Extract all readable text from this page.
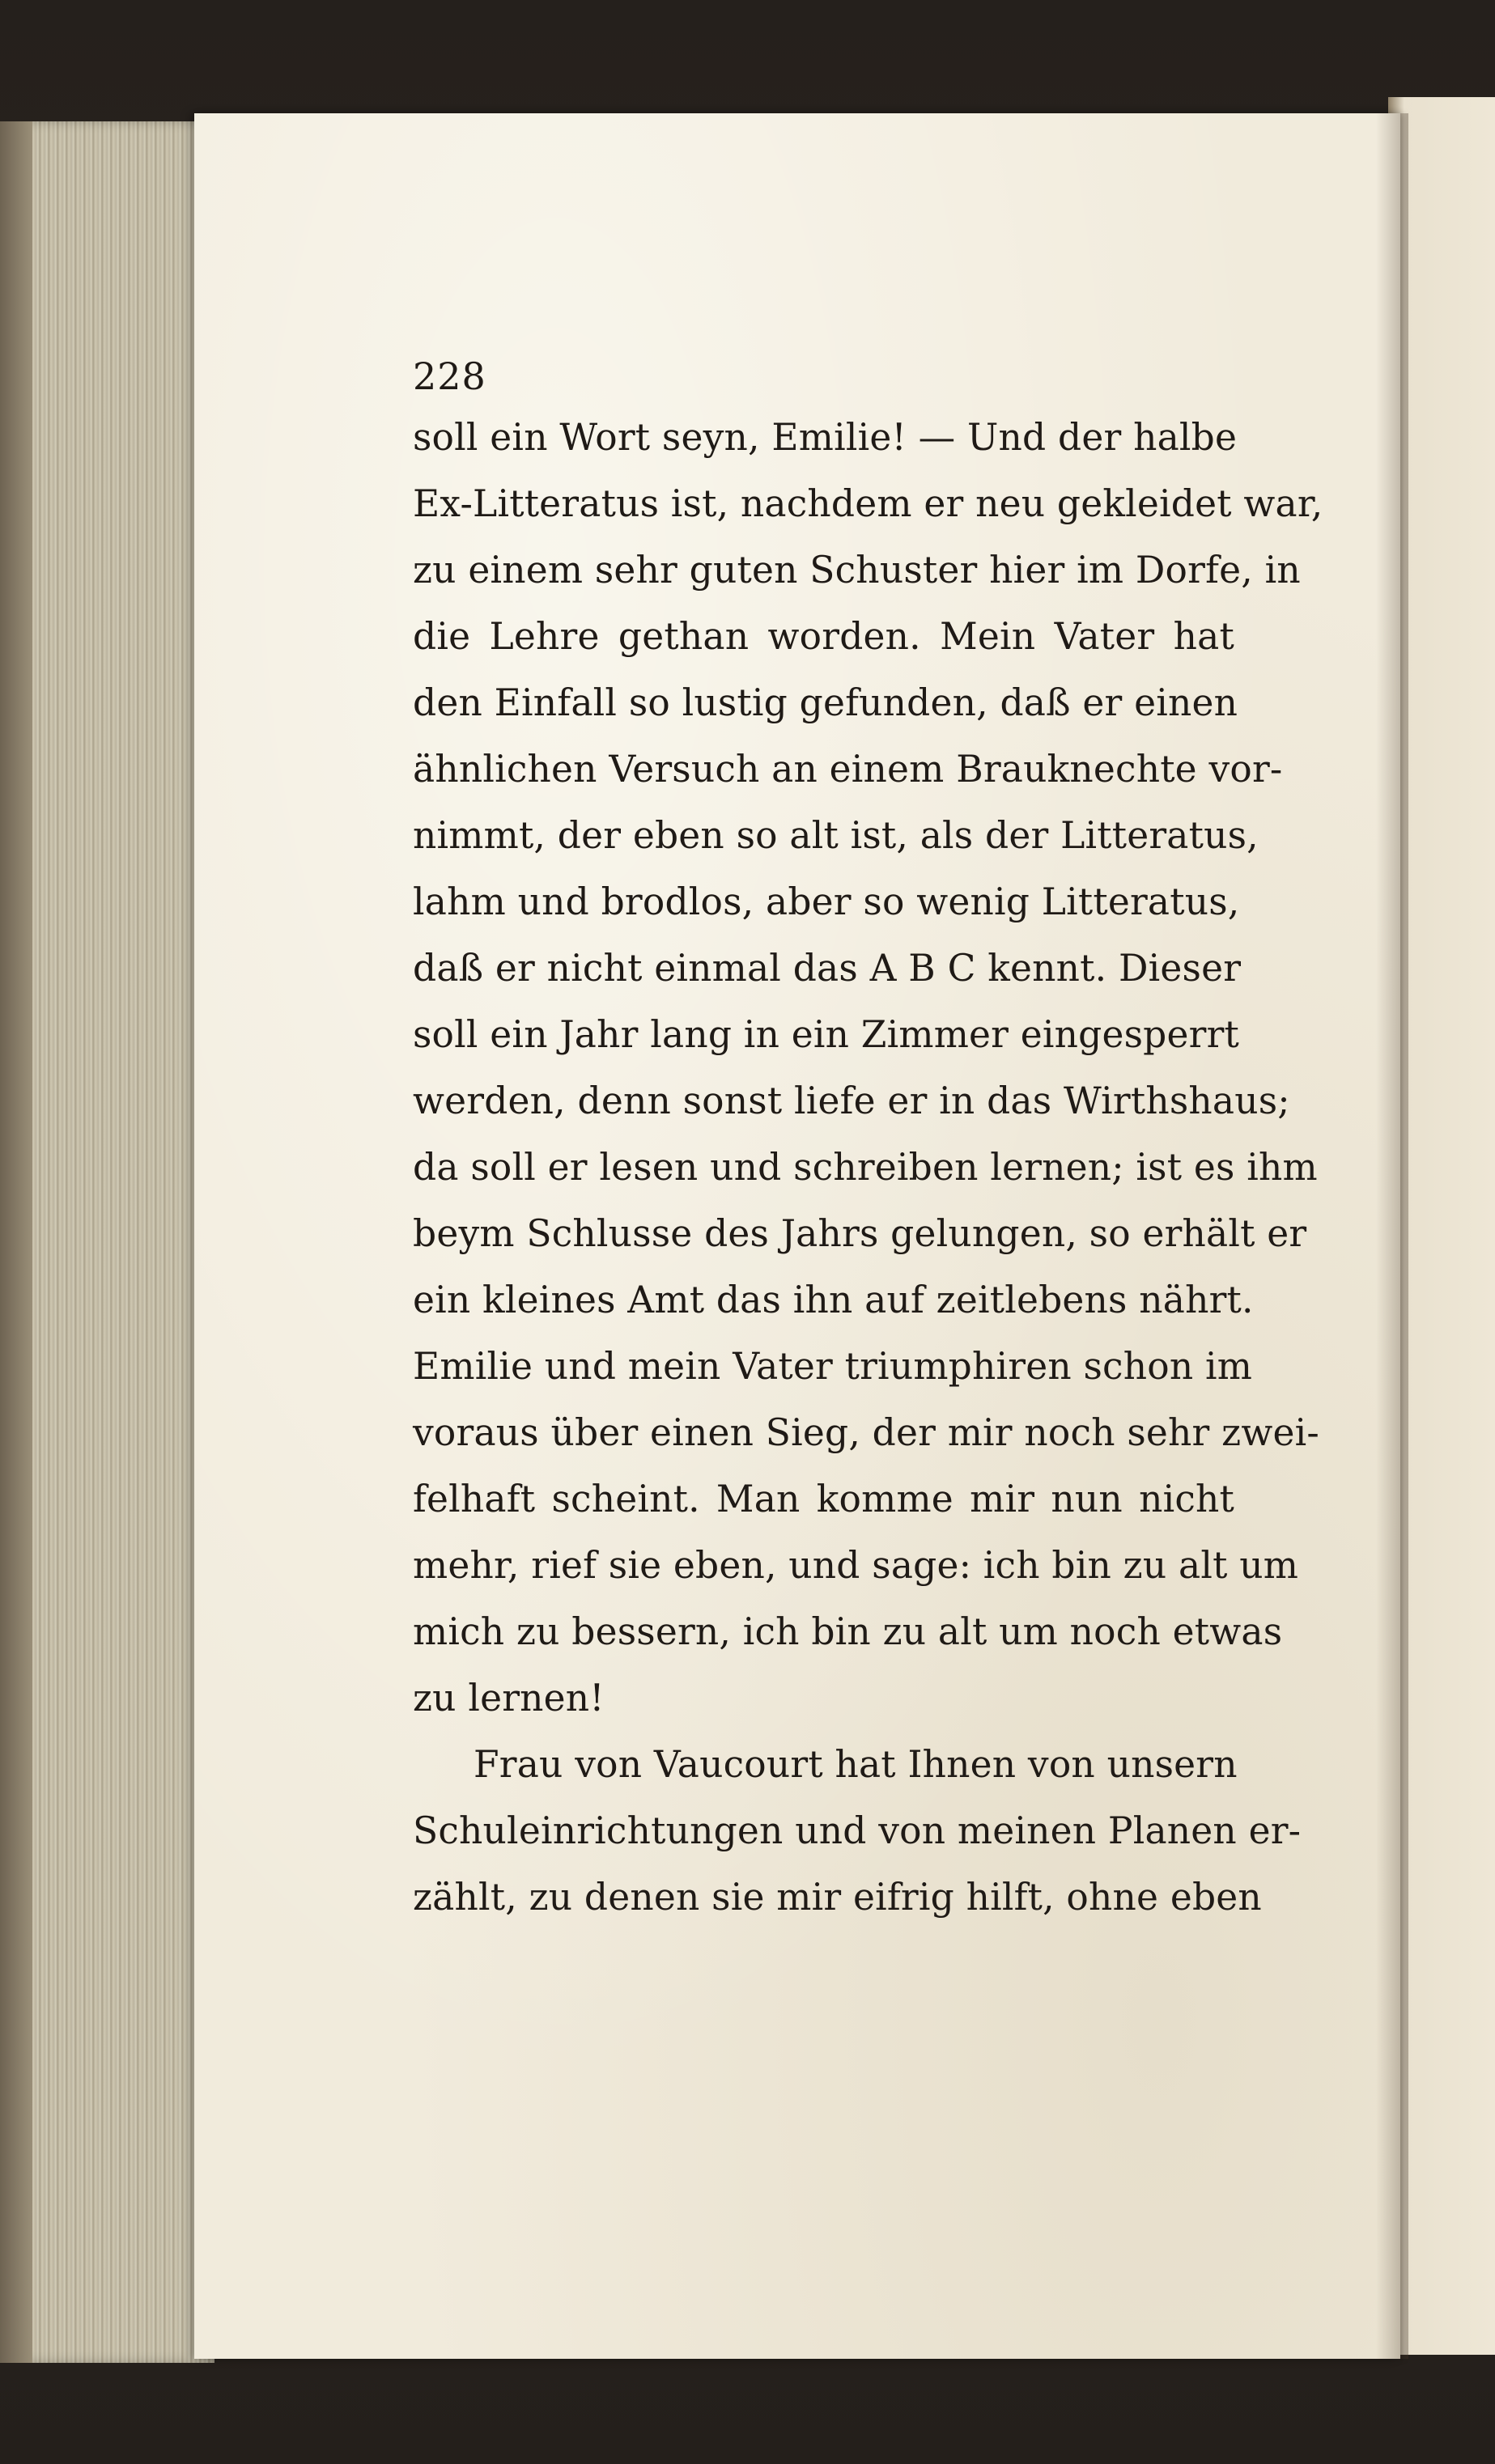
228
soll ein Wort seyn, Emilie! — Und der halbe
Ex-Litteratus ist, nachdem er neu gekleidet war,
zu einem sehr guten Schuster hier im Dorfe, in
die Lehre gethan worden. Mein Vater hat
den Einfall so lustig gefunden, daß er einen
ähnlichen Versuch an einem Brauknechte vor-
nimmt, der eben so alt ist, als der Litteratus,
lahm und brodlos, aber so wenig Litteratus,
daß er nicht einmal das A B C kennt. Dieser
soll ein Jahr lang in ein Zimmer eingesperrt
werden, denn sonst liefe er in das Wirthshaus;
da soll er lesen und schreiben lernen; ist es ihm
beym Schlusse des Jahrs gelungen, so erhält er
ein kleines Amt das ihn auf zeitlebens nährt.
Emilie und mein Vater triumphiren schon im
voraus über einen Sieg, der mir noch sehr zwei-
felhaft scheint. Man komme mir nun nicht
mehr, rief sie eben, und sage: ich bin zu alt um
mich zu bessern, ich bin zu alt um noch etwas
zu lernen!
Frau von Vaucourt hat Ihnen von unsern
Schuleinrichtungen und von meinen Planen er-
zählt, zu denen sie mir eifrig hilft, ohne eben
